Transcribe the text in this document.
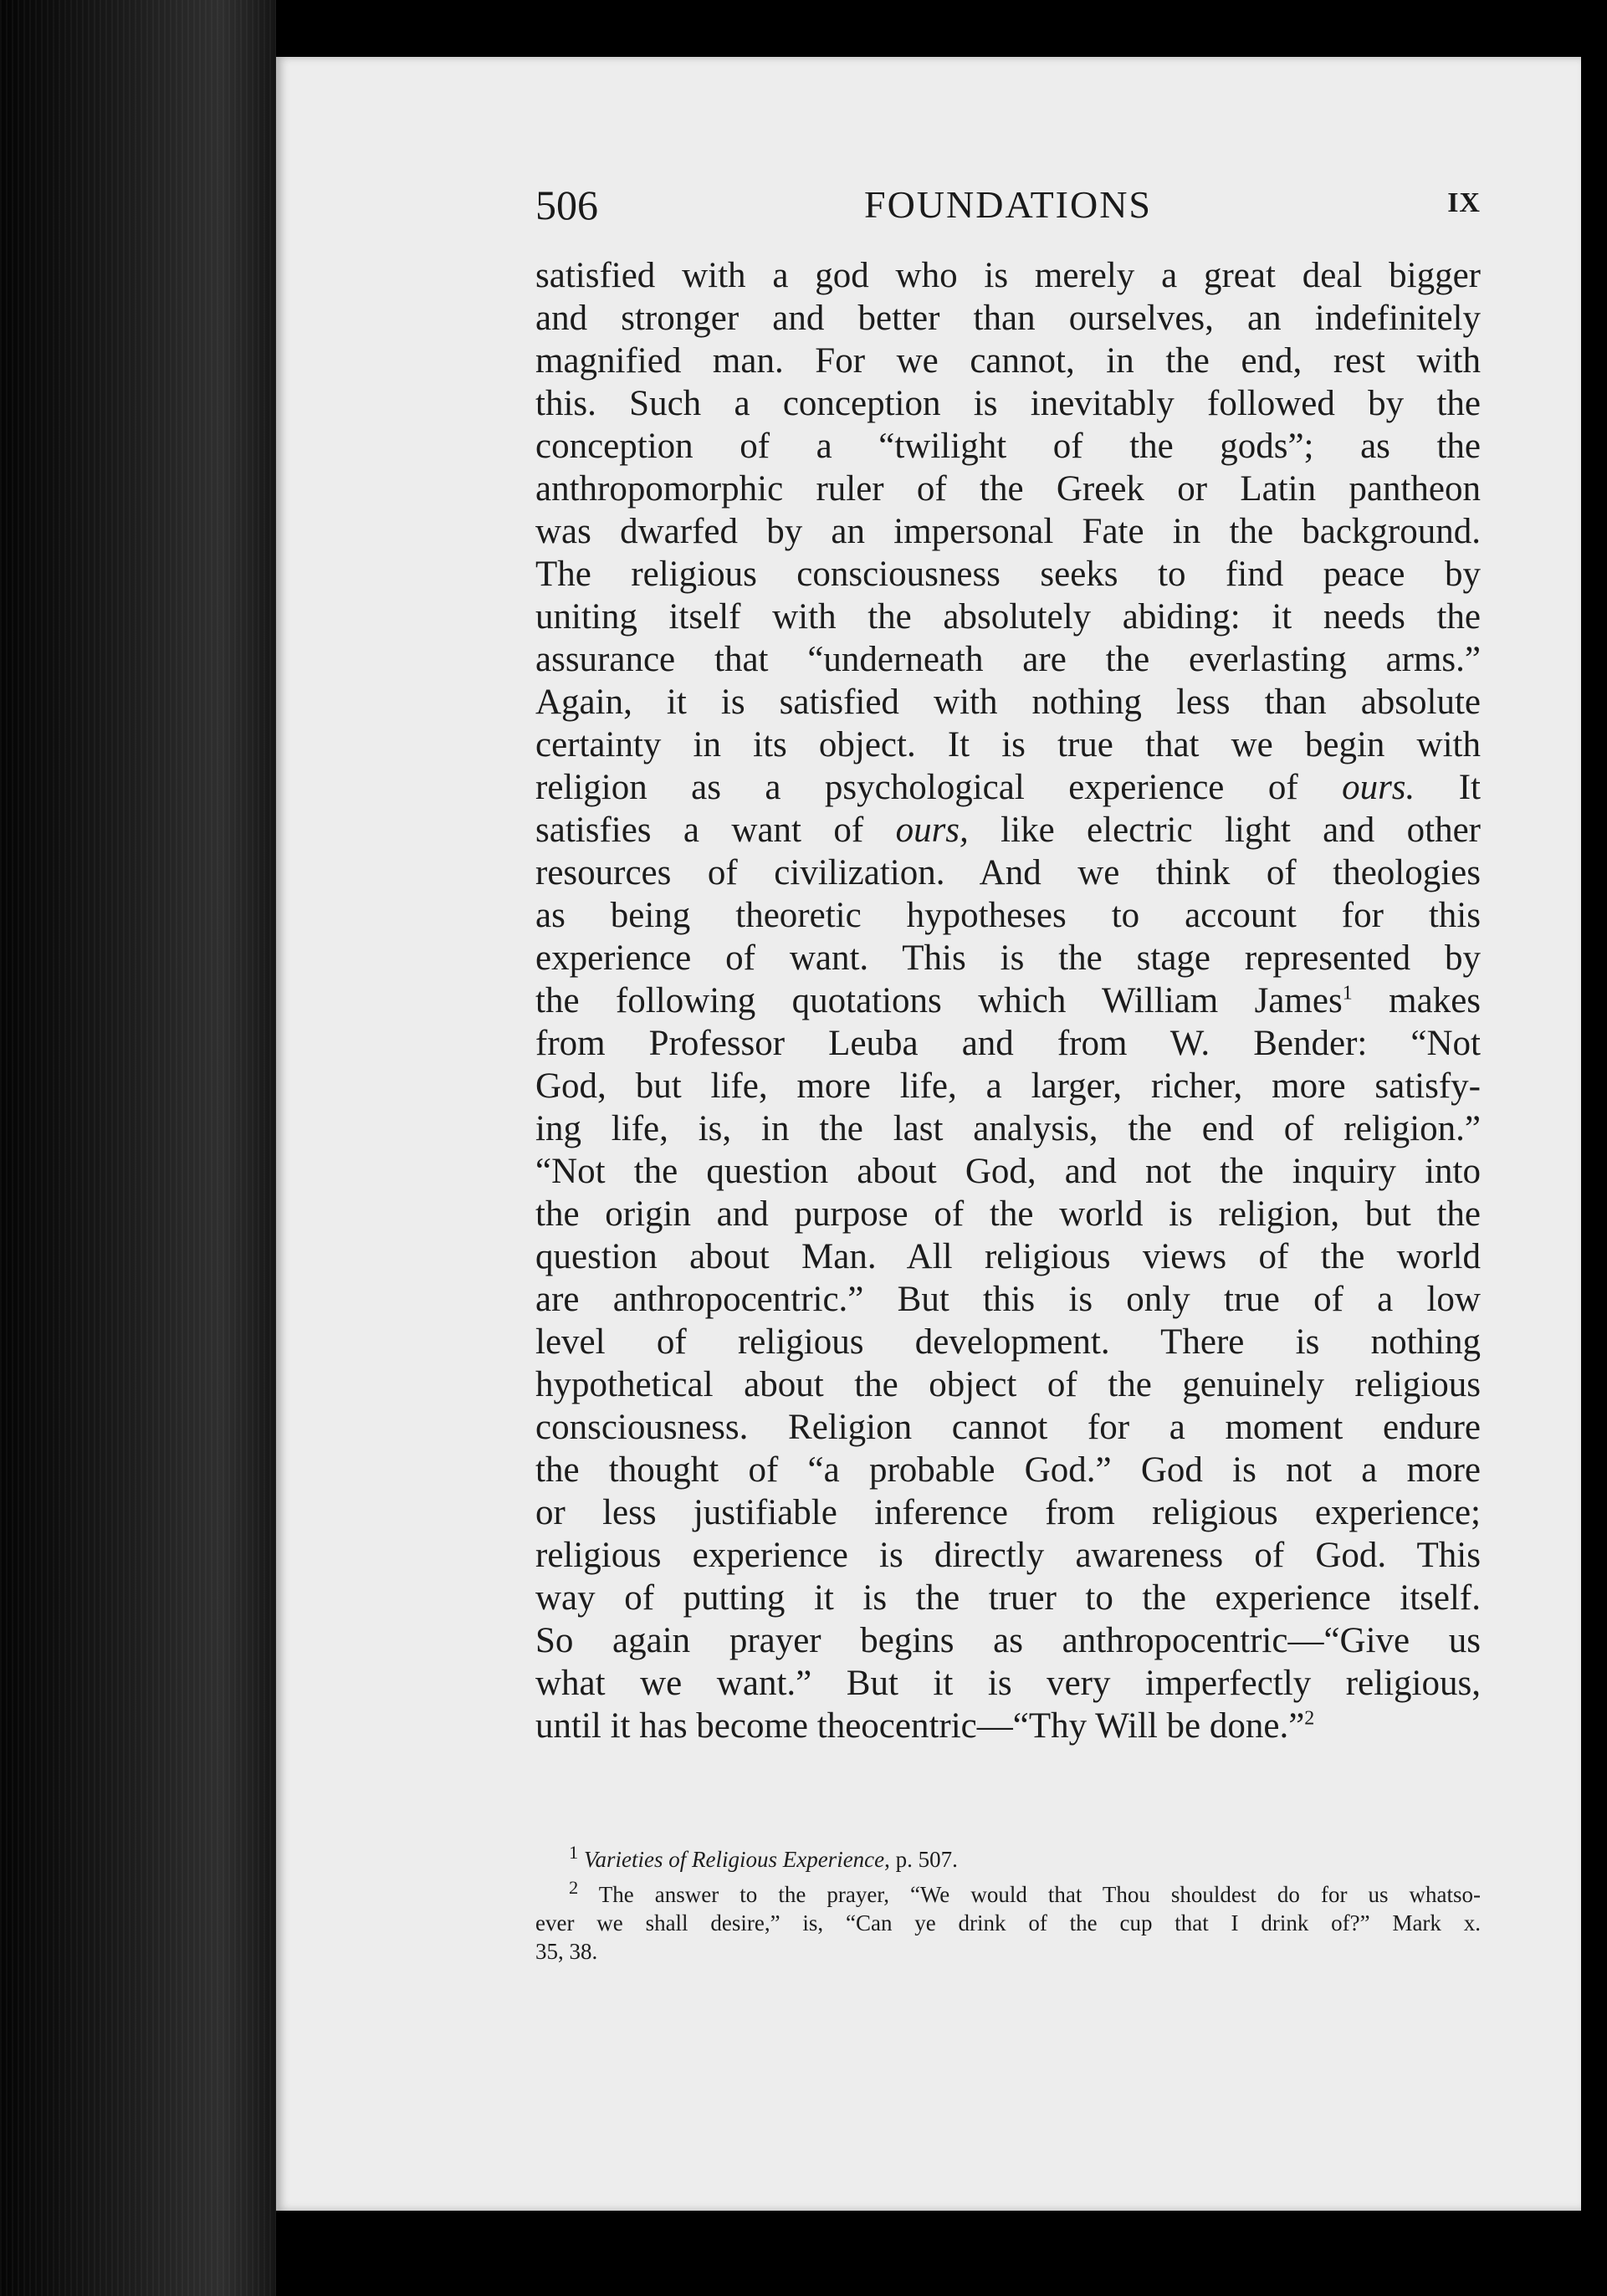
506	FOUNDATIONS	IX
satisfied with a god who is merely a great deal bigger
and stronger and better than ourselves, an indefinitely
magnified man. For we cannot, in the end, rest with
this. Such a conception is inevitably followed by the
conception of a “twilight of the gods”; as the
anthropomorphic ruler of the Greek or Latin pantheon
was dwarfed by an impersonal Fate in the background.
The religious consciousness seeks to find peace by
uniting itself with the absolutely abiding: it needs the
assurance that “underneath are the everlasting arms.”
Again, it is satisfied with nothing less than absolute
certainty in its object. It is true that we begin with
religion as a psychological experience of ours. It
satisfies a want of ours, like electric light and other
resources of civilization. And we think of theologies
as being theoretic hypotheses to account for this
experience of want. This is the stage represented by
the following quotations which William James$^1$ makes
from Professor Leuba and from W. Bender: “Not
God, but life, more life, a larger, richer, more satisfy-
ing life, is, in the last analysis, the end of religion.”
“Not the question about God, and not the inquiry into
the origin and purpose of the world is religion, but the
question about Man. All religious views of the world
are anthropocentric.” But this is only true of a low
level of religious development. There is nothing
hypothetical about the object of the genuinely religious
consciousness. Religion cannot for a moment endure
the thought of “a probable God.” God is not a more
or less justifiable inference from religious experience;
religious experience is directly awareness of God. This
way of putting it is the truer to the experience itself.
So again prayer begins as anthropocentric—“Give us
what we want.” But it is very imperfectly religious,
until it has become theocentric—“Thy Will be done.”$^2$
$^1$ Varieties of Religious Experience, p. 507.
$^2$ The answer to the prayer, “We would that Thou shouldest do for us whatso-
ever we shall desire,” is, “Can ye drink of the cup that I drink of?” Mark x.
35, 38.
